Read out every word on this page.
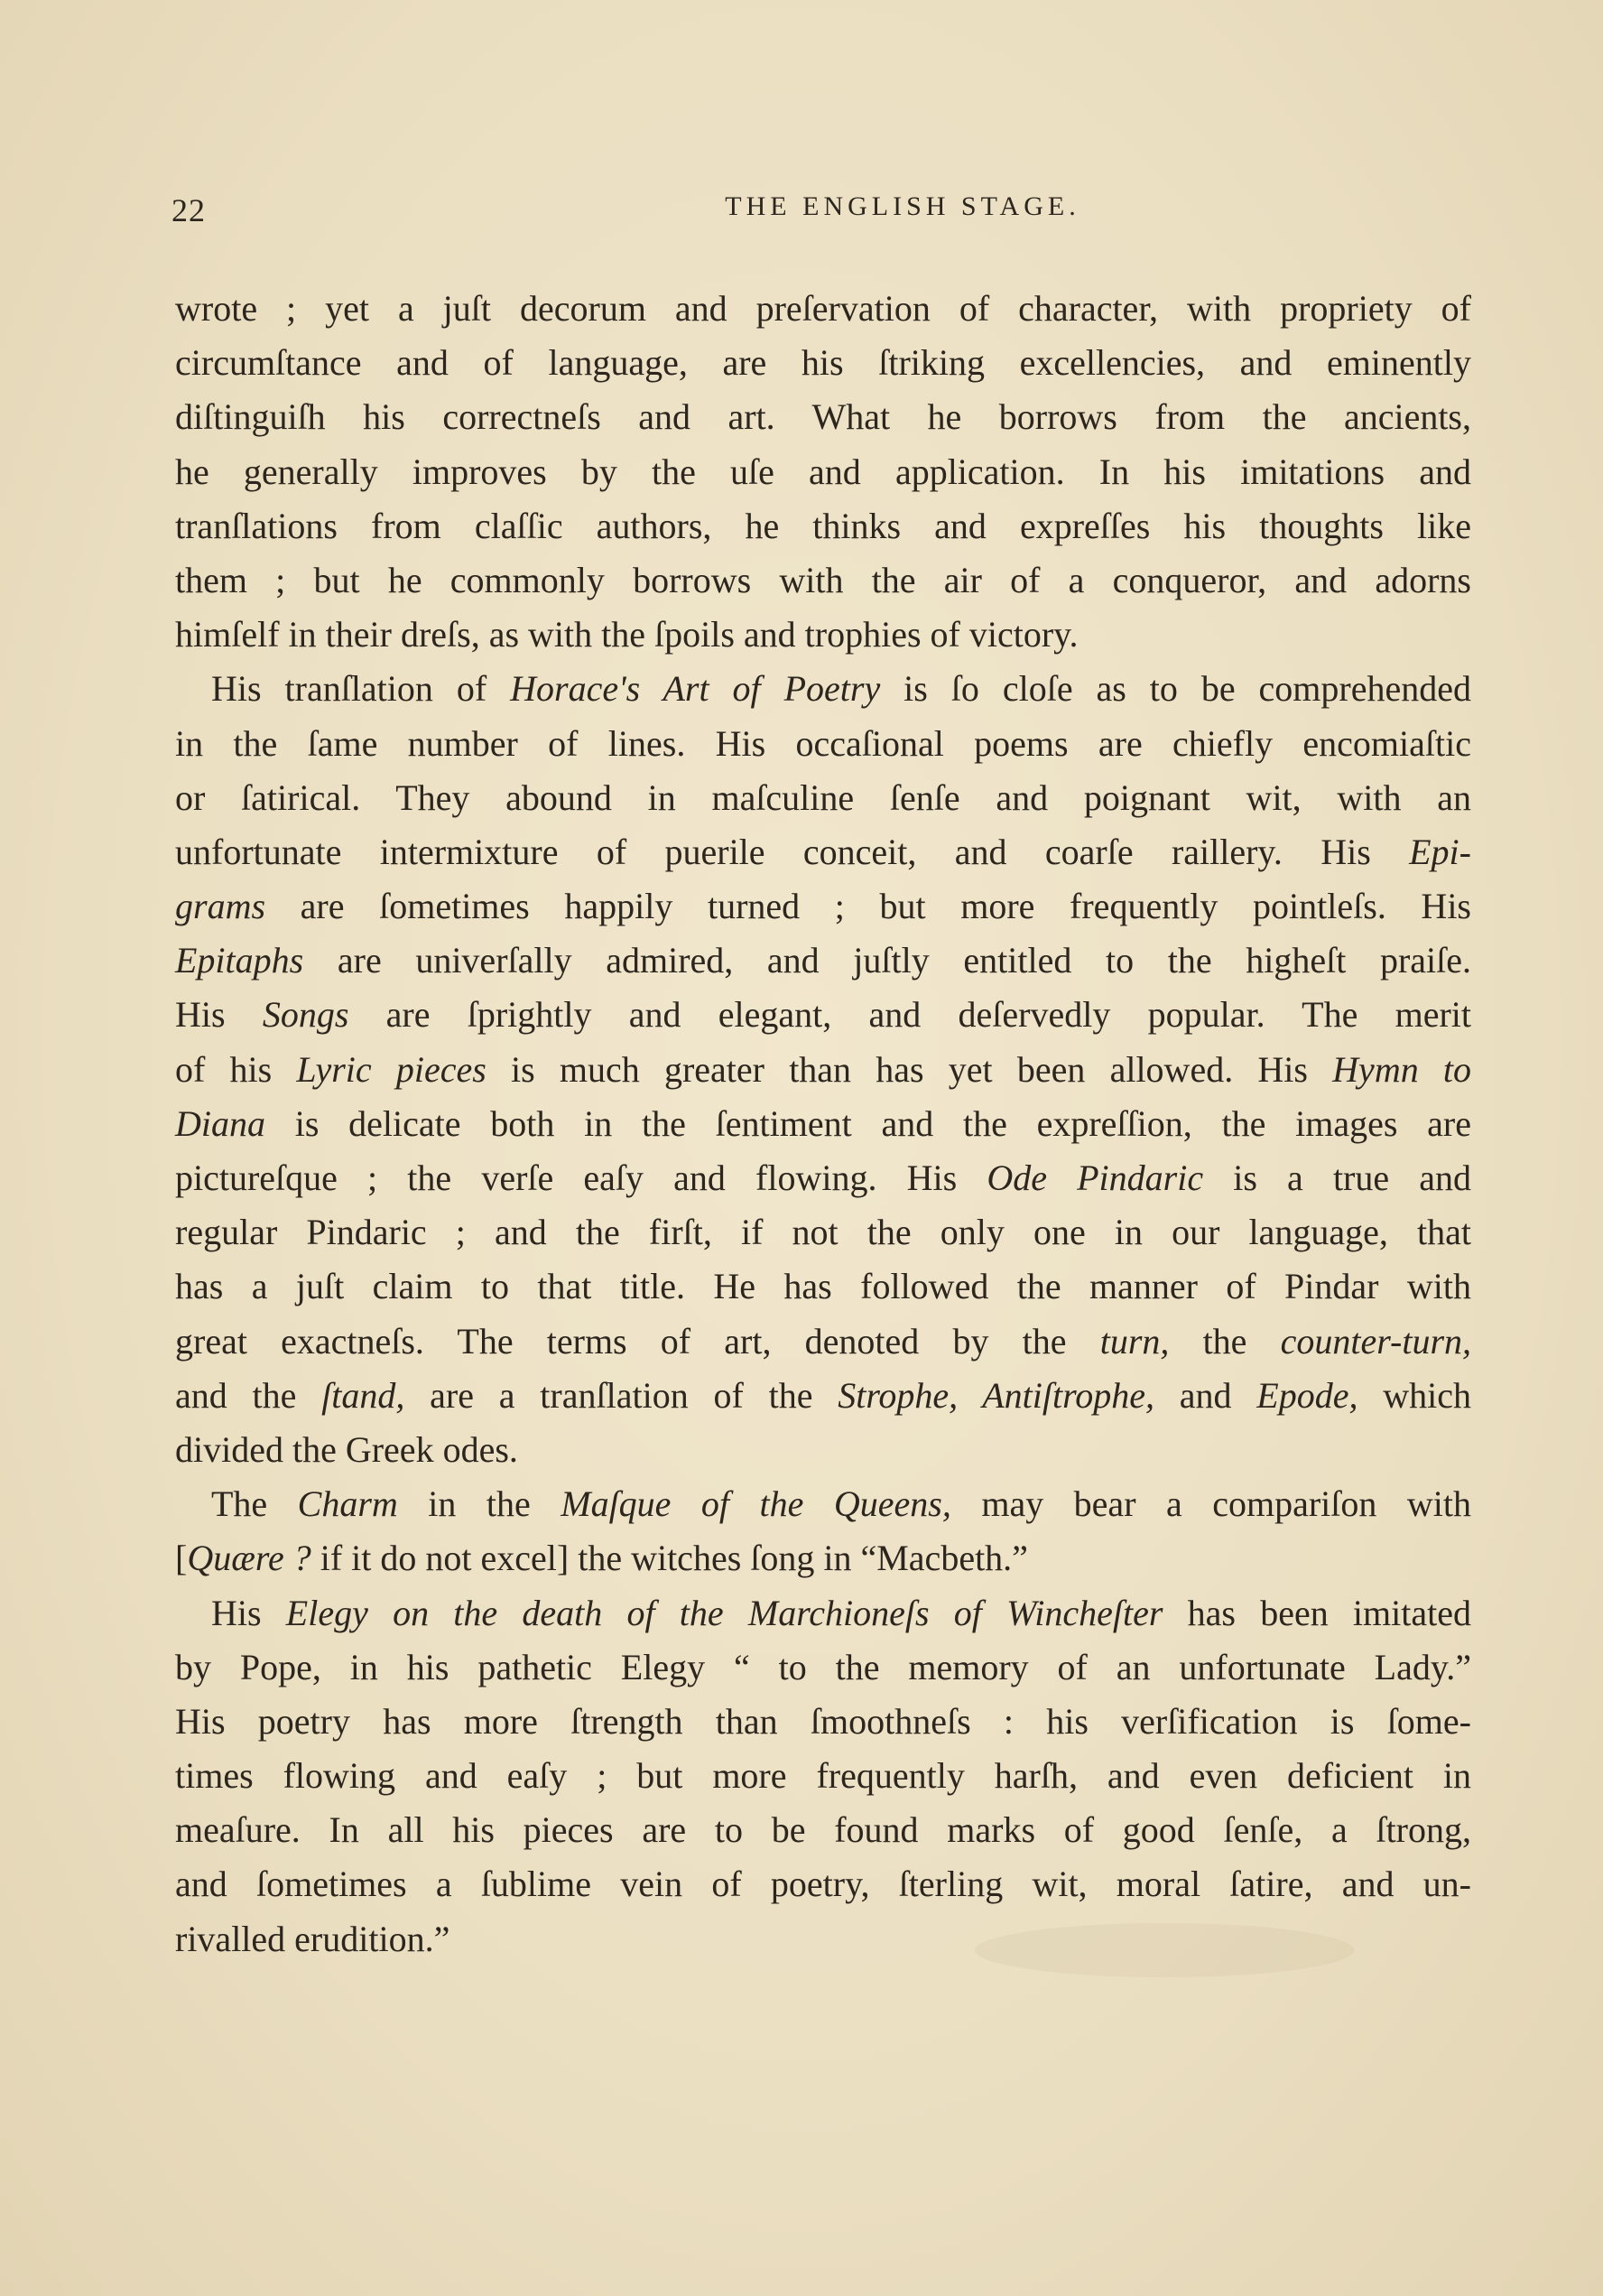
22	THE ENGLISH STAGE.
wrote ; yet a juſt decorum and preſervation of character, with propriety of
circumſtance and of language, are his ſtriking excellencies, and eminently
diſtinguiſh his correctneſs and art. What he borrows from the ancients,
he generally improves by the uſe and application. In his imitations and
tranſlations from claſſic authors, he thinks and expreſſes his thoughts like
them ; but he commonly borrows with the air of a conqueror, and adorns
himſelf in their dreſs, as with the ſpoils and trophies of victory.
His tranſlation of Horace's Art of Poetry is ſo cloſe as to be comprehended
in the ſame number of lines. His occaſional poems are chiefly encomiaſtic
or ſatirical. They abound in maſculine ſenſe and poignant wit, with an
unfortunate intermixture of puerile conceit, and coarſe raillery. His Epi-
grams are ſometimes happily turned ; but more frequently pointleſs. His
Epitaphs are univerſally admired, and juſtly entitled to the higheſt praiſe.
His Songs are ſprightly and elegant, and deſervedly popular. The merit
of his Lyric pieces is much greater than has yet been allowed. His Hymn to
Diana is delicate both in the ſentiment and the expreſſion, the images are
pictureſque ; the verſe eaſy and flowing. His Ode Pindaric is a true and
regular Pindaric ; and the firſt, if not the only one in our language, that
has a juſt claim to that title. He has followed the manner of Pindar with
great exactneſs. The terms of art, denoted by the turn, the counter-turn,
and the ſtand, are a tranſlation of the Strophe, Antiſtrophe, and Epode, which
divided the Greek odes.
The Charm in the Maſque of the Queens, may bear a compariſon with
[Quære ? if it do not excel] the witches ſong in “Macbeth.”
His Elegy on the death of the Marchioneſs of Wincheſter has been imitated
by Pope, in his pathetic Elegy “ to the memory of an unfortunate Lady.”
His poetry has more ſtrength than ſmoothneſs : his verſification is ſome-
times flowing and eaſy ; but more frequently harſh, and even deficient in
meaſure. In all his pieces are to be found marks of good ſenſe, a ſtrong,
and ſometimes a ſublime vein of poetry, ſterling wit, moral ſatire, and un-
rivalled erudition.”
